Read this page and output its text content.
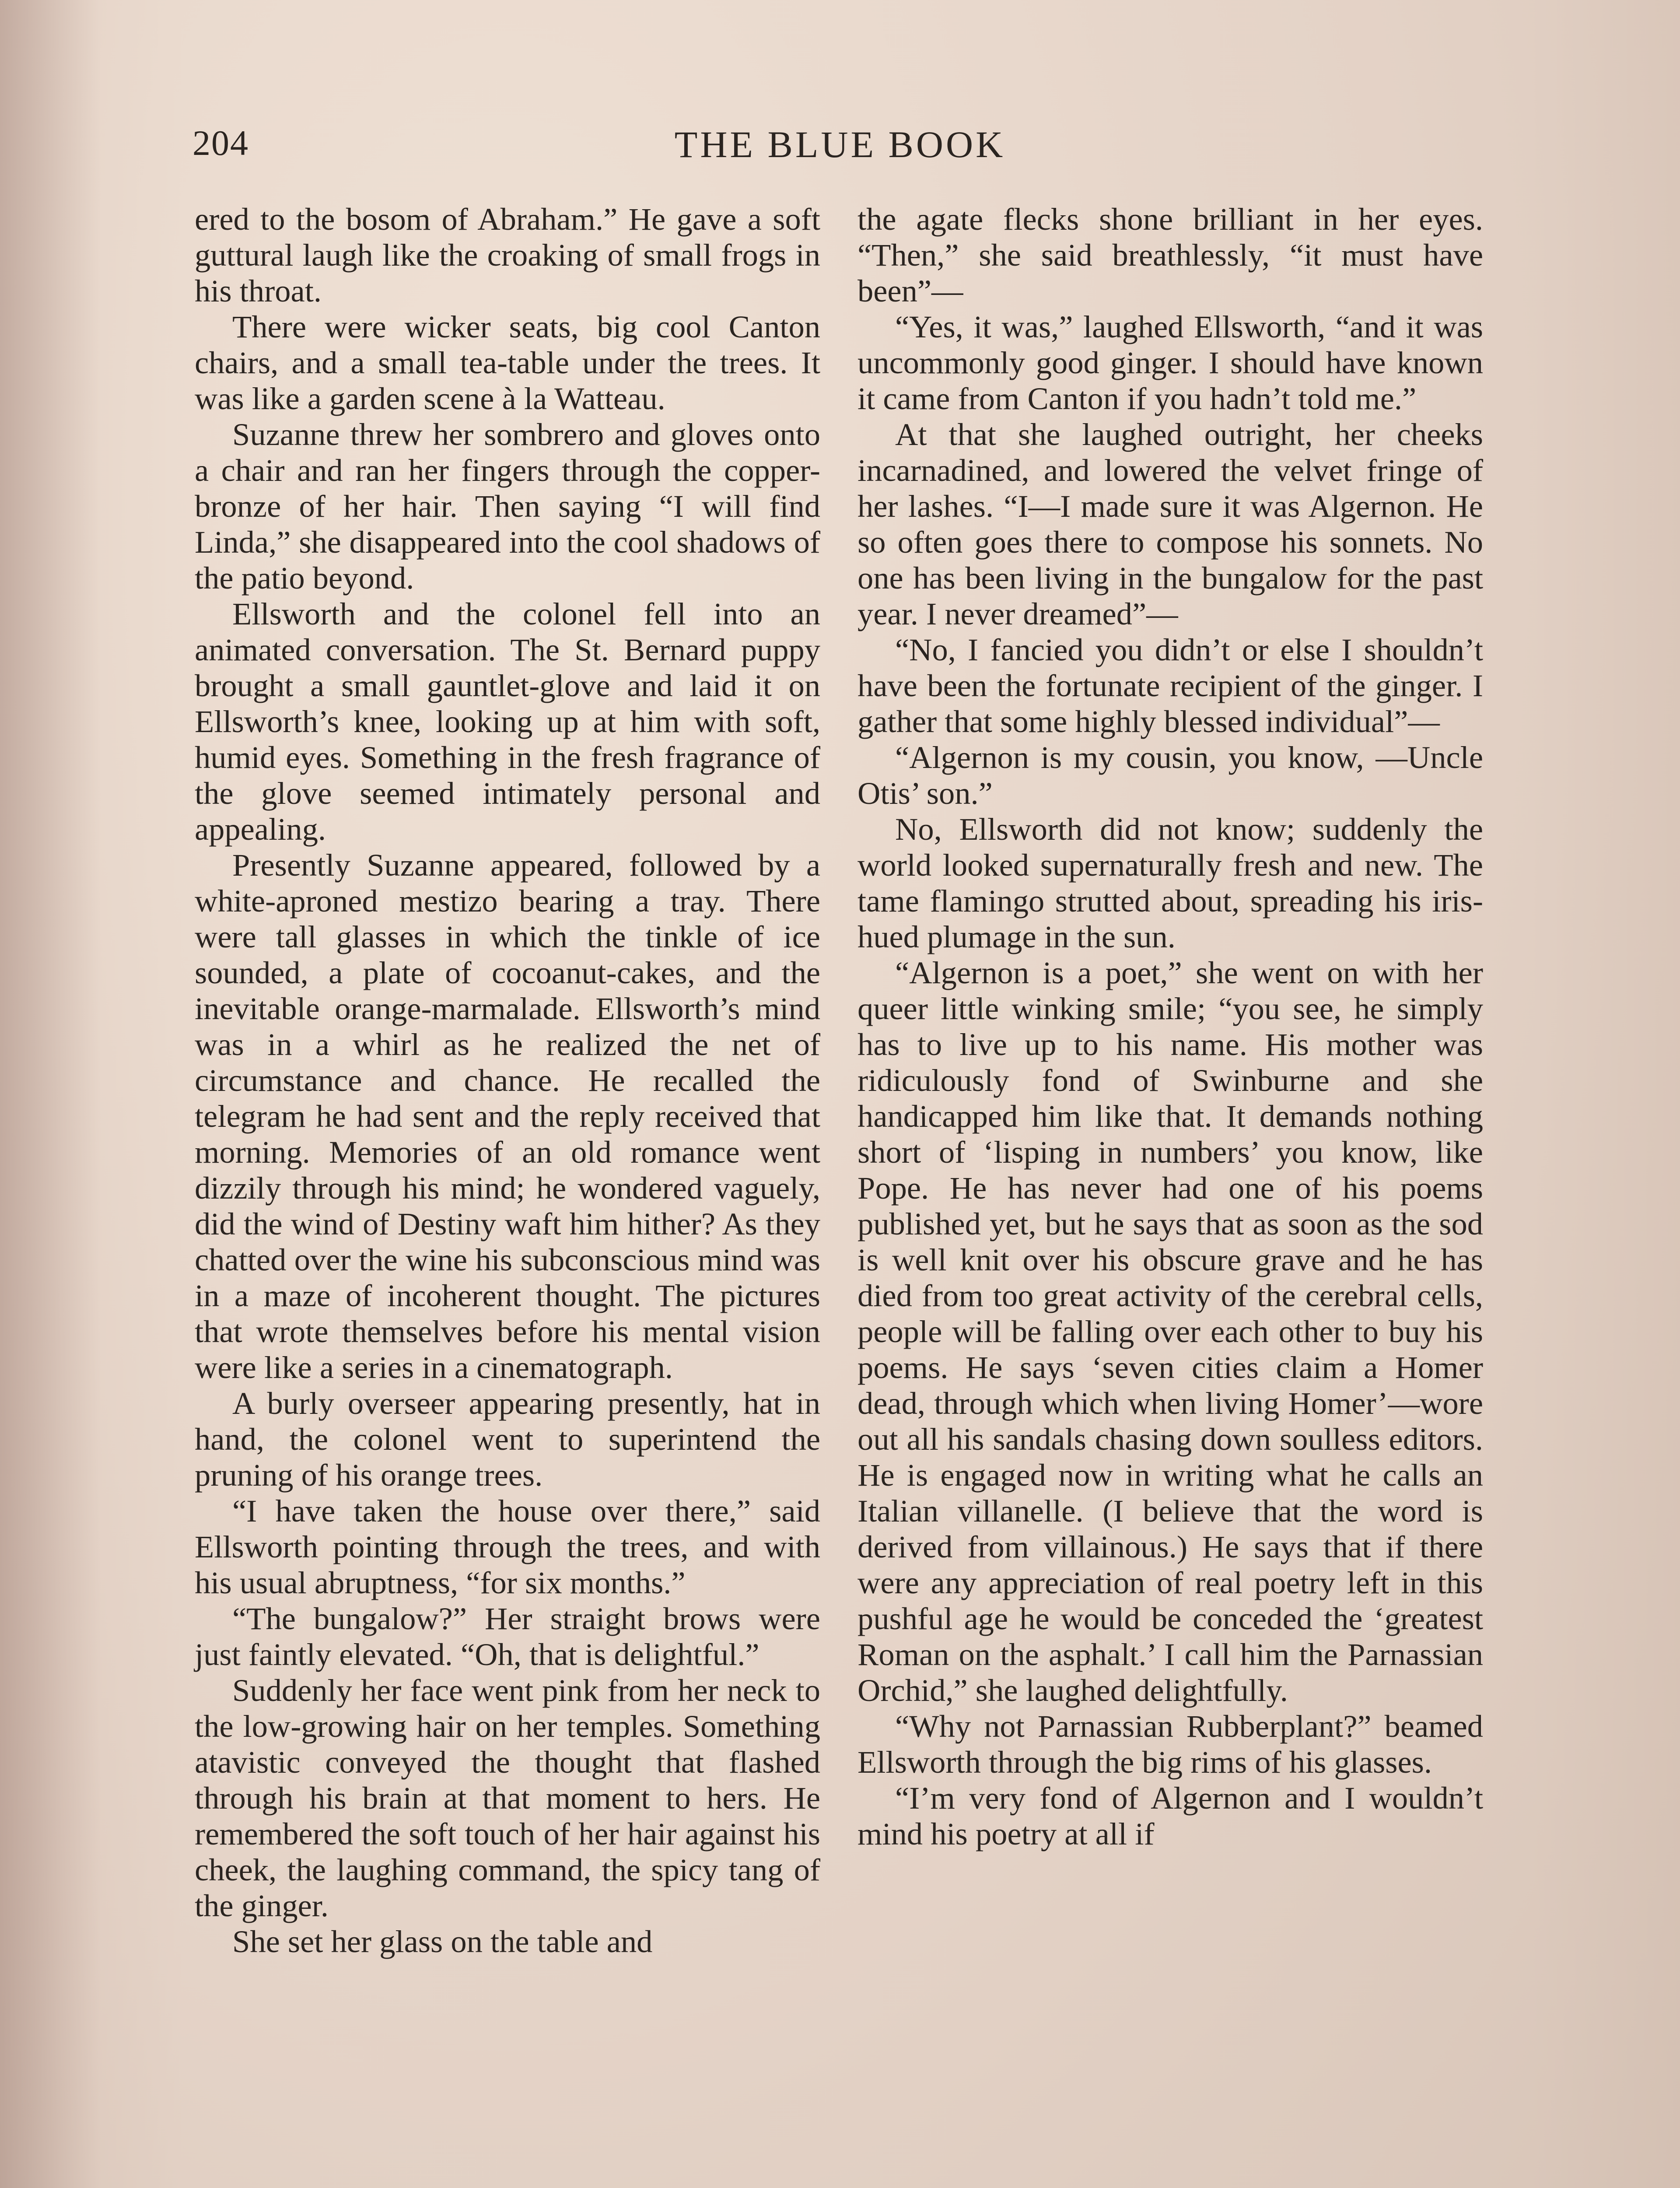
204	THE BLUE BOOK

ered to the bosom of Abraham.” He gave a soft guttural laugh like the croaking of small frogs in his throat.

There were wicker seats, big cool Canton chairs, and a small tea-table under the trees. It was like a garden scene à la Watteau.

Suzanne threw her sombrero and gloves onto a chair and ran her fingers through the copper-bronze of her hair. Then saying “I will find Linda,” she disappeared into the cool shadows of the patio beyond.

Ellsworth and the colonel fell into an animated conversation. The St. Bernard puppy brought a small gauntlet-glove and laid it on Ellsworth’s knee, looking up at him with soft, humid eyes. Something in the fresh fragrance of the glove seemed intimately personal and appealing.

Presently Suzanne appeared, followed by a white-aproned mestizo bearing a tray. There were tall glasses in which the tinkle of ice sounded, a plate of cocoanut-cakes, and the inevitable orange-marmalade. Ellsworth’s mind was in a whirl as he realized the net of circumstance and chance. He recalled the telegram he had sent and the reply received that morning. Memories of an old romance went dizzily through his mind; he wondered vaguely, did the wind of Destiny waft him hither? As they chatted over the wine his subconscious mind was in a maze of incoherent thought. The pictures that wrote themselves before his mental vision were like a series in a cinematograph.

A burly overseer appearing presently, hat in hand, the colonel went to superintend the pruning of his orange trees.

“I have taken the house over there,” said Ellsworth pointing through the trees, and with his usual abruptness, “for six months.”

“The bungalow?” Her straight brows were just faintly elevated. “Oh, that is delightful.”

Suddenly her face went pink from her neck to the low-growing hair on her temples. Something atavistic conveyed the thought that flashed through his brain at that moment to hers. He remembered the soft touch of her hair against his cheek, the laughing command, the spicy tang of the ginger.

She set her glass on the table and

the agate flecks shone brilliant in her eyes. “Then,” she said breathlessly, “it must have been”—

“Yes, it was,” laughed Ellsworth, “and it was uncommonly good ginger. I should have known it came from Canton if you hadn’t told me.”

At that she laughed outright, her cheeks incarnadined, and lowered the velvet fringe of her lashes. “I—I made sure it was Algernon. He so often goes there to compose his sonnets. No one has been living in the bungalow for the past year. I never dreamed”—

“No, I fancied you didn’t or else I shouldn’t have been the fortunate recipient of the ginger. I gather that some highly blessed individual”—

“Algernon is my cousin, you know, —Uncle Otis’ son.”

No, Ellsworth did not know; suddenly the world looked supernaturally fresh and new. The tame flamingo strutted about, spreading his iris-hued plumage in the sun.

“Algernon is a poet,” she went on with her queer little winking smile; “you see, he simply has to live up to his name. His mother was ridiculously fond of Swinburne and she handicapped him like that. It demands nothing short of ‘lisping in numbers’ you know, like Pope. He has never had one of his poems published yet, but he says that as soon as the sod is well knit over his obscure grave and he has died from too great activity of the cerebral cells, people will be falling over each other to buy his poems. He says ‘seven cities claim a Homer dead, through which when living Homer’—wore out all his sandals chasing down soulless editors. He is engaged now in writing what he calls an Italian villanelle. (I believe that the word is derived from villainous.) He says that if there were any appreciation of real poetry left in this pushful age he would be conceded the ‘greatest Roman on the asphalt.’ I call him the Parnassian Orchid,” she laughed delightfully.

“Why not Parnassian Rubberplant?” beamed Ellsworth through the big rims of his glasses.

“I’m very fond of Algernon and I wouldn’t mind his poetry at all if
